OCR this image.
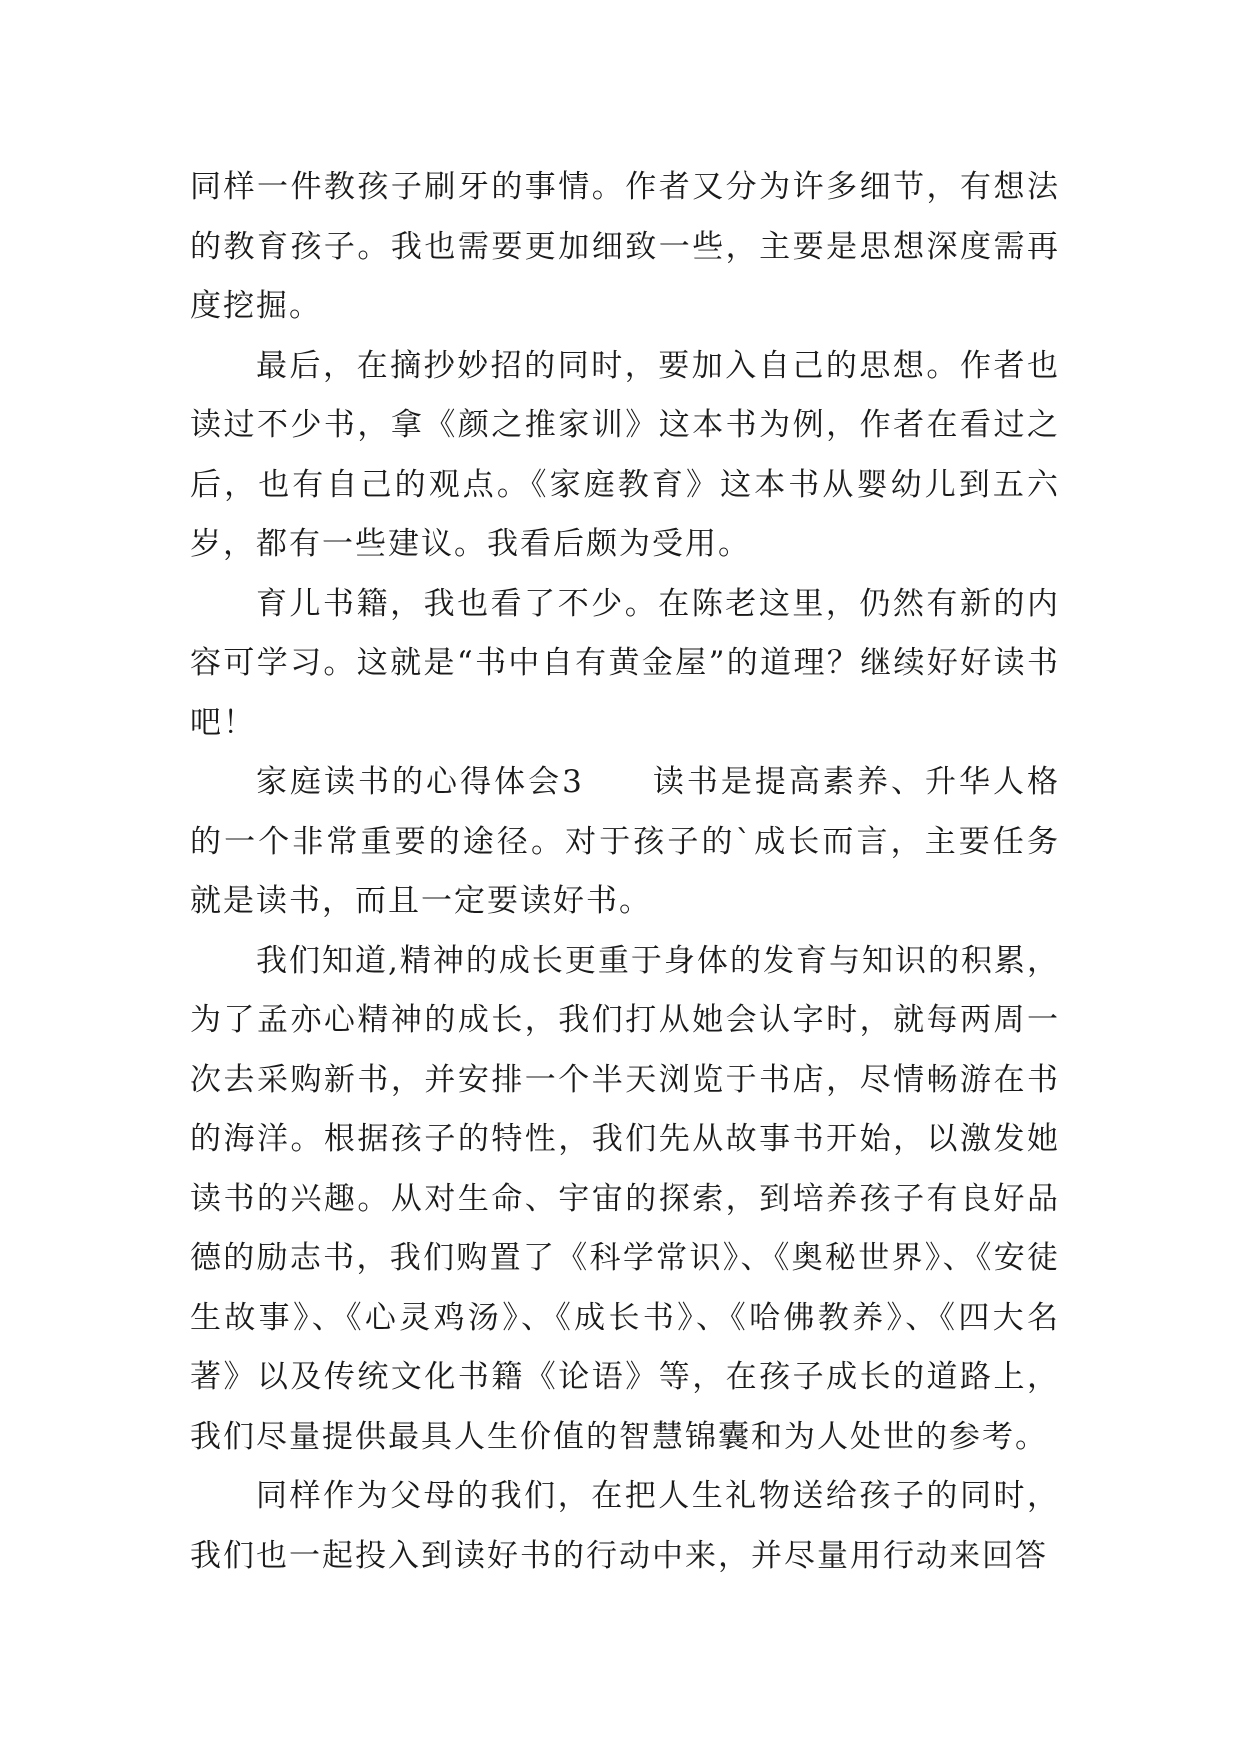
同样一件教孩子刷牙的事情。作者又分为许多细节，有想法的教育孩子。我也需要更加细致一些，主要是思想深度需再度挖掘。

最后，在摘抄妙招的同时，要加入自己的思想。作者也读过不少书，拿《颜之推家训》这本书为例，作者在看过之后，也有自己的观点。《家庭教育》这本书从婴幼儿到五六岁，都有一些建议。我看后颇为受用。

育儿书籍，我也看了不少。在陈老这里，仍然有新的内容可学习。这就是“书中自有黄金屋”的道理？继续好好读书吧！

家庭读书的心得体会3　　读书是提高素养、升华人格的一个非常重要的途径。对于孩子的`成长而言，主要任务就是读书，而且一定要读好书。

我们知道,精神的成长更重于身体的发育与知识的积累，为了孟亦心精神的成长，我们打从她会认字时，就每两周一次去采购新书，并安排一个半天浏览于书店，尽情畅游在书的海洋。根据孩子的特性，我们先从故事书开始，以激发她读书的兴趣。从对生命、宇宙的探索，到培养孩子有良好品德的励志书，我们购置了《科学常识》、《奥秘世界》、《安徒生故事》、《心灵鸡汤》、《成长书》、《哈佛教养》、《四大名著》以及传统文化书籍《论语》等，在孩子成长的道路上，我们尽量提供最具人生价值的智慧锦囊和为人处世的参考。

同样作为父母的我们，在把人生礼物送给孩子的同时，我们也一起投入到读好书的行动中来，并尽量用行动来回答
